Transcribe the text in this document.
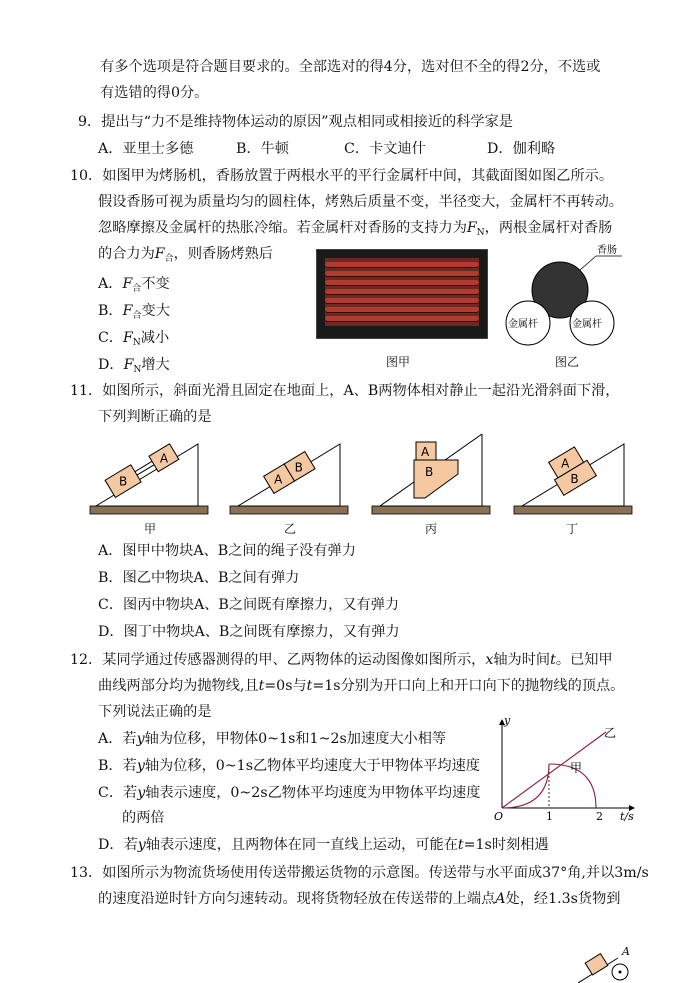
有多个选项是符合题目要求的。全部选对的得4分，选对但不全的得2分，不选或
有选错的得0分。
9．提出与“力不是维持物体运动的原因”观点相同或相接近的科学家是
A．亚里士多德	B．牛顿	C．卡文迪什	D．伽利略
10．如图甲为烤肠机，香肠放置于两根水平的平行金属杆中间，其截面图如图乙所示。
假设香肠可视为质量均匀的圆柱体，烤熟后质量不变，半径变大，金属杆不再转动。
忽略摩擦及金属杆的热胀冷缩。若金属杆对香肠的支持力为$F_N$，两根金属杆对香肠
的合力为$F_合$，则香肠烤熟后
A．$F_合$不变
B．$F_合$变大
C．$F_N$减小
D．$F_N$增大	图甲
香肠
金属杆	金属杆
图乙
11．如图所示，斜面光滑且固定在地面上，A、B两物体相对静止一起沿光滑斜面下滑，
下列判断正确的是
B
A
甲
A
B
乙
A
B
丙
B
A
丁
A．图甲中物块A、B之间的绳子没有弹力
B．图乙中物块A、B之间有弹力
C．图丙中物块A、B之间既有摩擦力，又有弹力
D．图丁中物块A、B之间既有摩擦力，又有弹力
12．某同学通过传感器测得的甲、乙两物体的运动图像如图所示，x轴为时间t。已知甲
曲线两部分均为抛物线,且t=0s与t=1s分别为开口向上和开口向下的抛物线的顶点。
下列说法正确的是
A．若y轴为位移，甲物体0~1s和1~2s加速度大小相等
B．若y轴为位移，0~1s乙物体平均速度大于甲物体平均速度
C．若y轴表示速度，0~2s乙物体平均速度为甲物体平均速度
的两倍
D．若y轴表示速度，且两物体在同一直线上运动，可能在t=1s时刻相遇
y
t/s
O	1	2
乙
甲
13．如图所示为物流货场使用传送带搬运货物的示意图。传送带与水平面成37°角,并以3m/s
的速度沿逆时针方向匀速转动。现将货物轻放在传送带的上端点A处，经1.3s货物到
A
